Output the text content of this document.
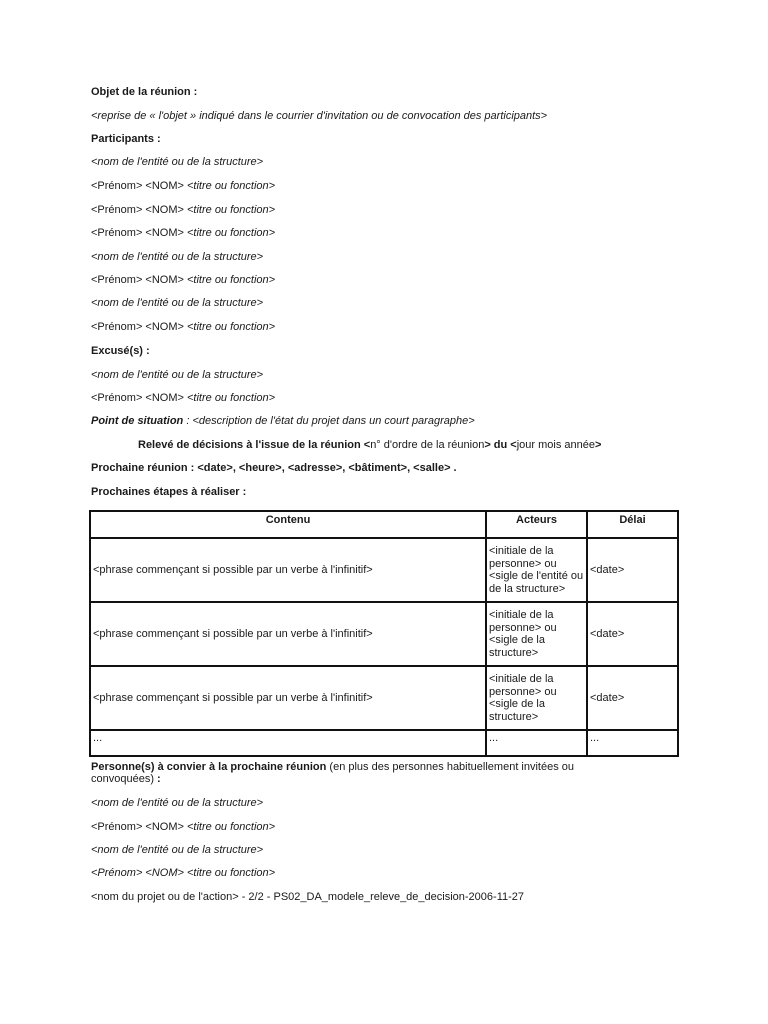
Objet de la réunion :
<reprise de « l'objet » indiqué dans le courrier d'invitation ou de convocation des participants>
Participants :
<nom de l'entité ou de la structure>
<Prénom> <NOM> <titre ou fonction>
<Prénom> <NOM> <titre ou fonction>
<Prénom> <NOM> <titre ou fonction>
<nom de l'entité ou de la structure>
<Prénom> <NOM> <titre ou fonction>
<nom de l'entité ou de la structure>
<Prénom> <NOM> <titre ou fonction>
Excusé(s) :
<nom de l'entité ou de la structure>
<Prénom> <NOM> <titre ou fonction>
Point de situation : <description de l'état du projet dans un court paragraphe>
Relevé de décisions à l'issue de la réunion <n° d'ordre de la réunion> du <jour mois année>
Prochaine réunion : <date>, <heure>, <adresse>, <bâtiment>, <salle> .
Prochaines étapes à réaliser :
Contenu	Acteurs	Délai
<phrase commençant si possible par un verbe à l'infinitif>	<initiale de la personne> ou <sigle de l'entité ou de la structure>	<date>
<phrase commençant si possible par un verbe à l'infinitif>	<initiale de la personne> ou <sigle de la structure>	<date>
<phrase commençant si possible par un verbe à l'infinitif>	<initiale de la personne> ou <sigle de la structure>	<date>
...	...	...
Personne(s) à convier à la prochaine réunion (en plus des personnes habituellement invitées ou
convoquées) :
<nom de l'entité ou de la structure>
<Prénom> <NOM> <titre ou fonction>
<nom de l'entité ou de la structure>
<Prénom> <NOM> <titre ou fonction>
<nom du projet ou de l'action> - 2/2 - PS02_DA_modele_releve_de_decision-2006-11-27
